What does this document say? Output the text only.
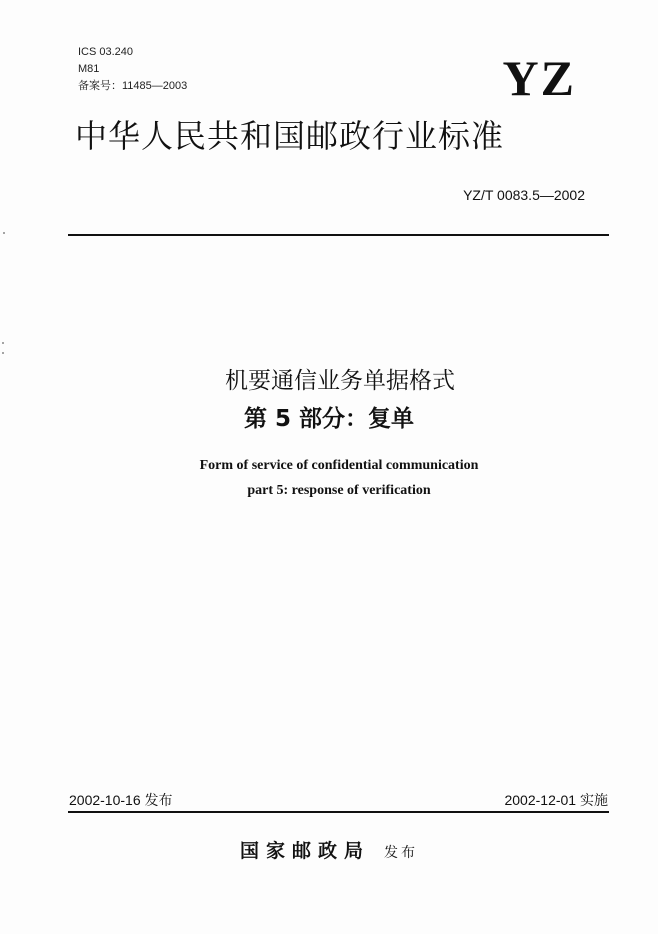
ICS 03.240
M81
备案号：11485—2003	YZ
中华人民共和国邮政行业标准
YZ/T 0083.5—2002
机要通信业务单据格式
第 5 部分：复单
Form of service of confidential communication
part 5: response of verification
2002-10-16 发布	2002-12-01 实施
国家邮政局 发布
